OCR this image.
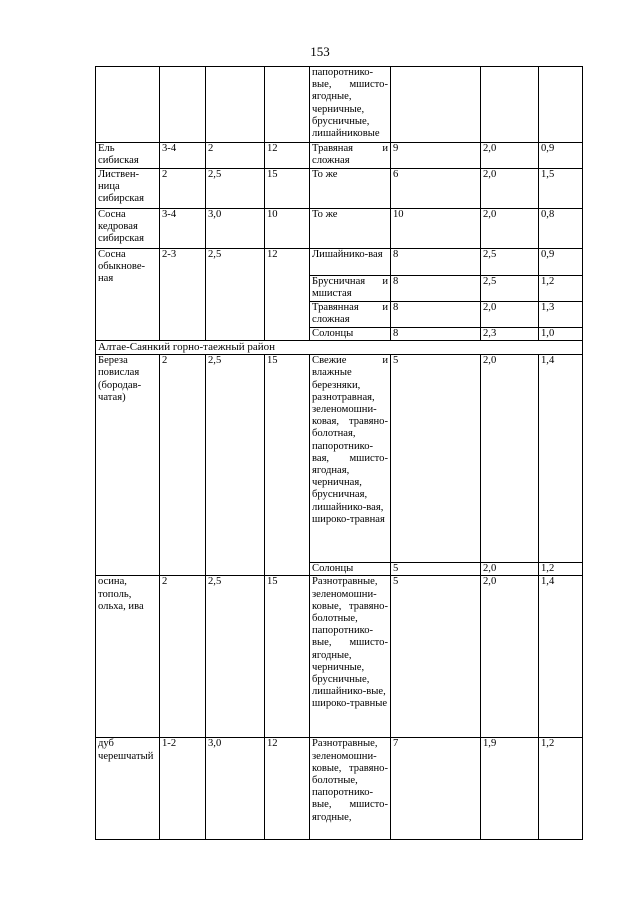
153
				папоротнико-вые, мшисто-ягодные, черничные, брусничные, лишайниковые			
Ель сибиская	3-4	2	12	Травяная и сложная	9	2,0	0,9
Листвен-ница сибирская	2	2,5	15	То же	6	2,0	1,5
Сосна кедровая сибирская	3-4	3,0	10	То же	10	2,0	0,8
Сосна обыкнове-ная	2-3	2,5	12	Лишайнико-вая	8	2,5	0,9
				Брусничная и мшистая	8	2,5	1,2
				Травянная и сложная	8	2,0	1,3
				Солонцы	8	2,3	1,0
Алтае-Саянкий горно-таежный район							
Береза повислая (бородав-чатая)	2	2,5	15	Свежие и влажные березняки, разнотравная, зеленомошни-ковая, травяно-болотная, папоротнико-вая, мшисто-ягодная, черничная, брусничная, лишайнико-вая, широко-травная	5	2,0	1,4
				Солонцы	5	2,0	1,2
осина, тополь, ольха, ива	2	2,5	15	Разнотравные, зеленомошни-ковые, травяно-болотные, папоротнико-вые, мшисто-ягодные, черничные, брусничные, лишайнико-вые, широко-травные	5	2,0	1,4
дуб черешчатый	1-2	3,0	12	Разнотравные, зеленомошни-ковые, травяно-болотные, папоротнико-вые, мшисто-ягодные,	7	1,9	1,2
